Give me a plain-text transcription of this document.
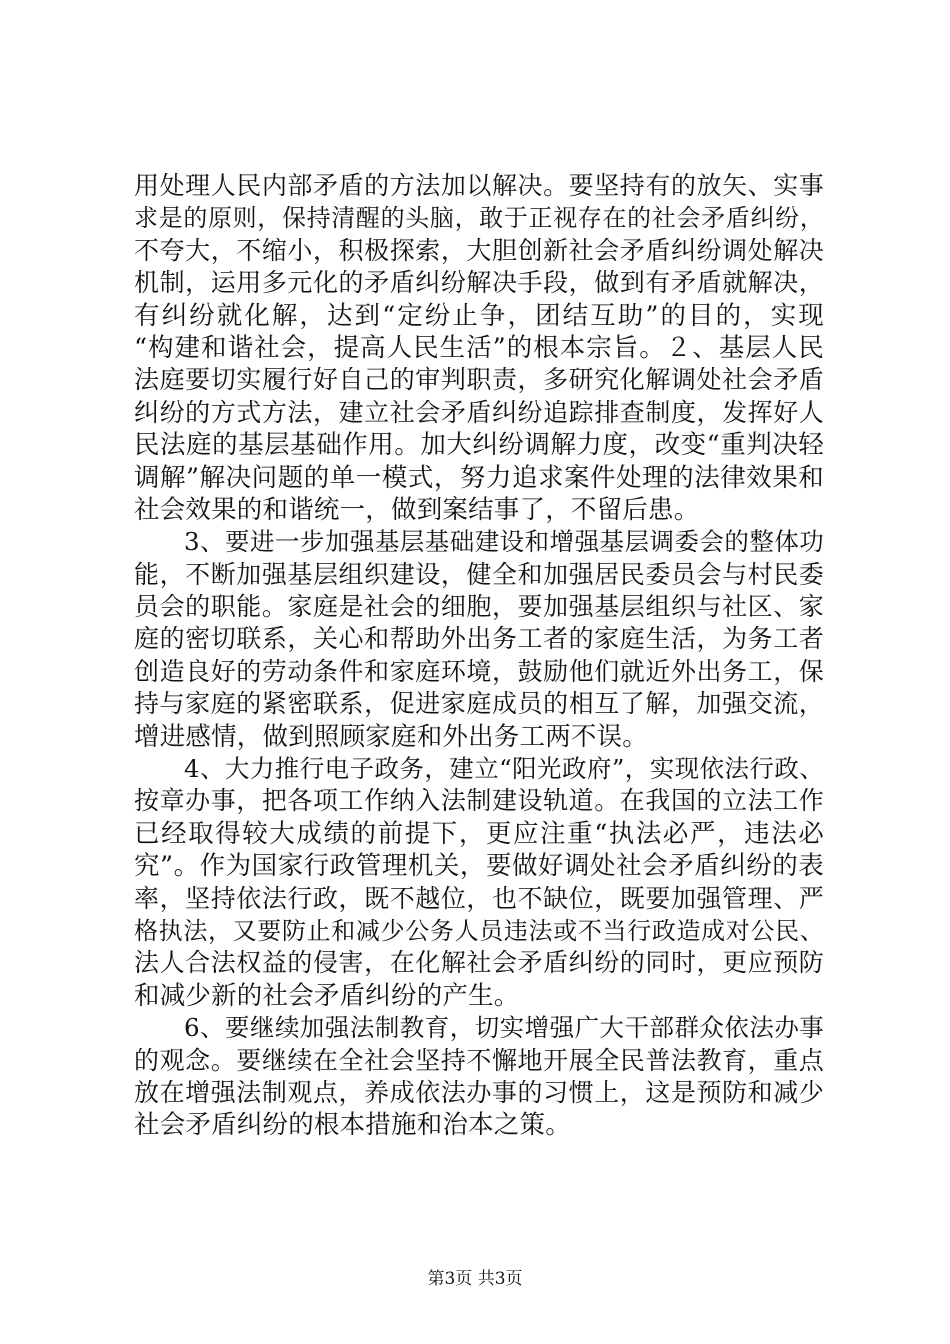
用处理人民内部矛盾的方法加以解决。要坚持有的放矢、实事
求是的原则，保持清醒的头脑，敢于正视存在的社会矛盾纠纷，
不夸大，不缩小，积极探索，大胆创新社会矛盾纠纷调处解决
机制，运用多元化的矛盾纠纷解决手段，做到有矛盾就解决，
有纠纷就化解，达到“定纷止争，团结互助”的目的，实现
“构建和谐社会，提高人民生活”的根本宗旨。２、基层人民
法庭要切实履行好自己的审判职责，多研究化解调处社会矛盾
纠纷的方式方法，建立社会矛盾纠纷追踪排查制度，发挥好人
民法庭的基层基础作用。加大纠纷调解力度，改变“重判决轻
调解”解决问题的单一模式，努力追求案件处理的法律效果和
社会效果的和谐统一，做到案结事了，不留后患。
3、要进一步加强基层基础建设和增强基层调委会的整体功
能，不断加强基层组织建设，健全和加强居民委员会与村民委
员会的职能。家庭是社会的细胞，要加强基层组织与社区、家
庭的密切联系，关心和帮助外出务工者的家庭生活，为务工者
创造良好的劳动条件和家庭环境，鼓励他们就近外出务工，保
持与家庭的紧密联系，促进家庭成员的相互了解，加强交流，
增进感情，做到照顾家庭和外出务工两不误。
4、大力推行电子政务，建立“阳光政府”，实现依法行政、
按章办事，把各项工作纳入法制建设轨道。在我国的立法工作
已经取得较大成绩的前提下，更应注重“执法必严，违法必
究”。作为国家行政管理机关，要做好调处社会矛盾纠纷的表
率，坚持依法行政，既不越位，也不缺位，既要加强管理、严
格执法，又要防止和减少公务人员违法或不当行政造成对公民、
法人合法权益的侵害，在化解社会矛盾纠纷的同时，更应预防
和减少新的社会矛盾纠纷的产生。
6、要继续加强法制教育，切实增强广大干部群众依法办事
的观念。要继续在全社会坚持不懈地开展全民普法教育，重点
放在增强法制观点，养成依法办事的习惯上，这是预防和减少
社会矛盾纠纷的根本措施和治本之策。
第3页 共3页
